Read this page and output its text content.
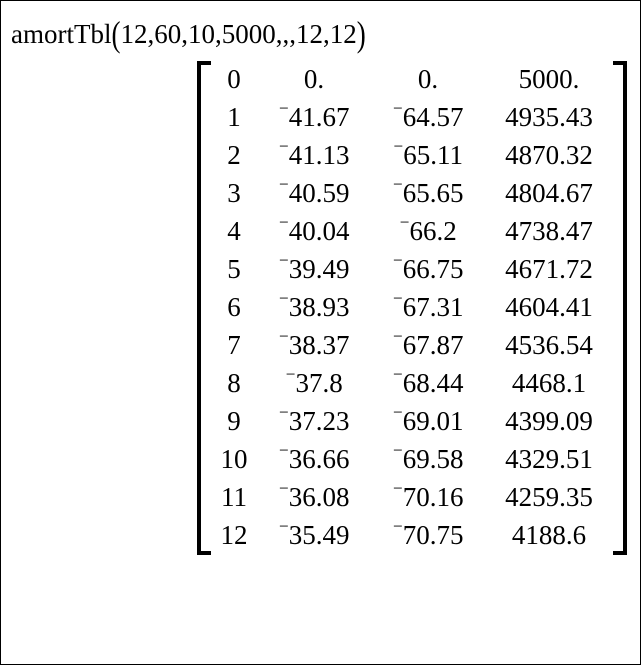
amortTbl(12,60,10,5000,,,12,12)
0	0.	0.	5000.
1	⁻41.67	⁻64.57	4935.43
2	⁻41.13	⁻65.11	4870.32
3	⁻40.59	⁻65.65	4804.67
4	⁻40.04	⁻66.2	4738.47
5	⁻39.49	⁻66.75	4671.72
6	⁻38.93	⁻67.31	4604.41
7	⁻38.37	⁻67.87	4536.54
8	⁻37.8	⁻68.44	4468.1
9	⁻37.23	⁻69.01	4399.09
10	⁻36.66	⁻69.58	4329.51
11	⁻36.08	⁻70.16	4259.35
12	⁻35.49	⁻70.75	4188.6
